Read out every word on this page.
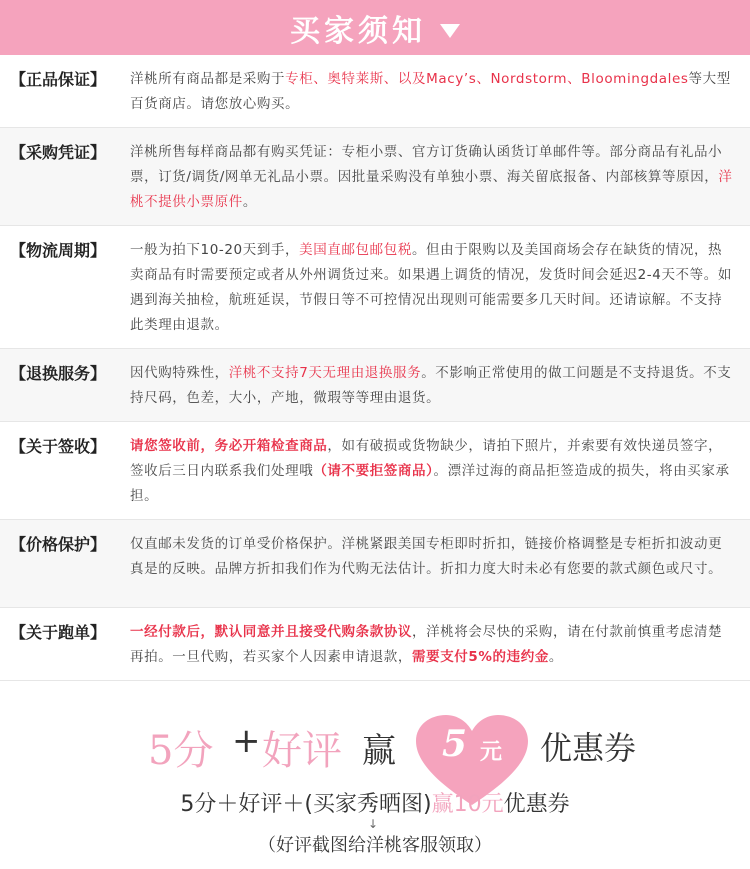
买家须知
【正品保证】	洋桃所有商品都是采购于专柜、奥特莱斯、以及Macy’s、Nordstorm、Bloomingdales等大型百货商店。请您放心购买。
【采购凭证】	洋桃所售每样商品都有购买凭证：专柜小票、官方订货确认函货订单邮件等。部分商品有礼品小票，订货/调货/网单无礼品小票。因批量采购没有单独小票、海关留底报备、内部核算等原因，洋桃不提供小票原件。
【物流周期】	一般为拍下10-20天到手，美国直邮包邮包税。但由于限购以及美国商场会存在缺货的情况，热卖商品有时需要预定或者从外州调货过来。如果遇上调货的情况，发货时间会延迟2-4天不等。如遇到海关抽检，航班延误，节假日等不可控情况出现则可能需要多几天时间。还请谅解。不支持此类理由退款。
【退换服务】	因代购特殊性，洋桃不支持7天无理由退换服务。不影响正常使用的做工问题是不支持退货。不支持尺码，色差，大小，产地，微瑕等等理由退货。
【关于签收】	请您签收前，务必开箱检查商品，如有破损或货物缺少，请拍下照片，并索要有效快递员签字，签收后三日内联系我们处理哦（请不要拒签商品）。漂洋过海的商品拒签造成的损失，将由买家承担。
【价格保护】	仅直邮未发货的订单受价格保护。洋桃紧跟美国专柜即时折扣，链接价格调整是专柜折扣波动更真是的反映。品牌方折扣我们作为代购无法估计。折扣力度大时未必有您要的款式颜色或尺寸。
【关于跑单】	一经付款后，默认同意并且接受代购条款协议，洋桃将会尽快的采购，请在付款前慎重考虑清楚再拍。一旦代购，若买家个人因素申请退款，需要支付5%的违约金。
5分 + 好评 赢 5 元 优惠券
5分＋好评＋(买家秀晒图)赢10元优惠券
↓
（好评截图给洋桃客服领取）
